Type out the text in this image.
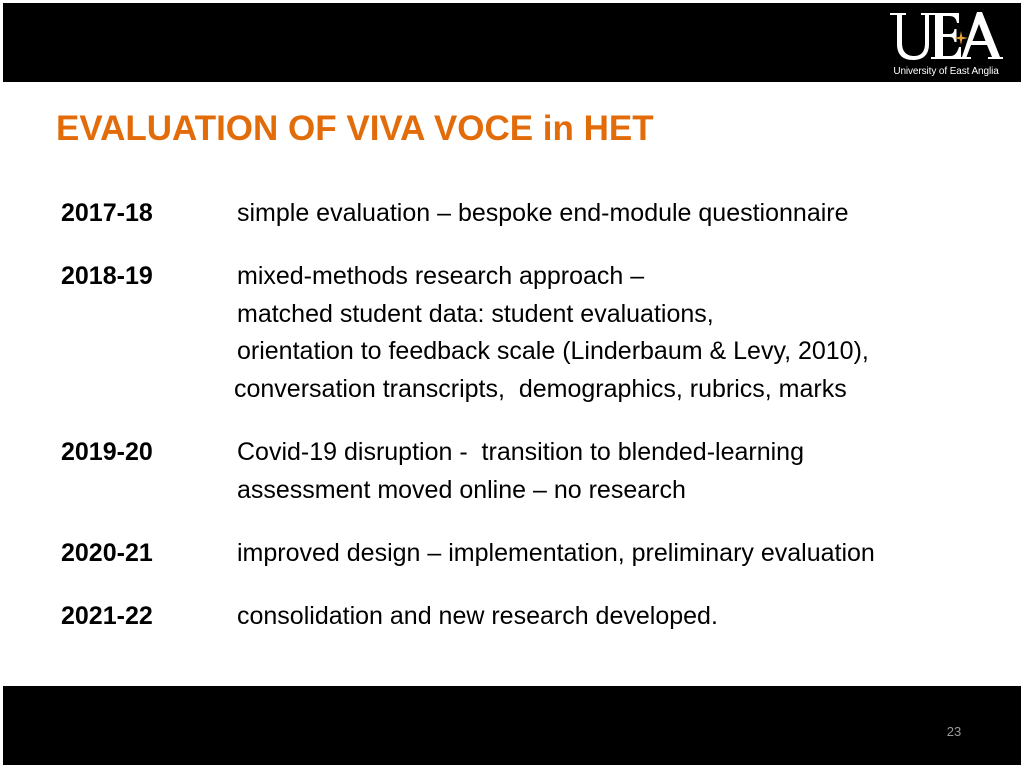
University of East Anglia
EVALUATION OF VIVA VOCE in HET
2017-18	simple evaluation – bespoke end-module questionnaire
2018-19	mixed-methods research approach –
matched student data: student evaluations,
orientation to feedback scale (Linderbaum & Levy, 2010),
conversation transcripts,  demographics, rubrics, marks
2019-20	Covid-19 disruption -  transition to blended-learning
assessment moved online – no research
2020-21	improved design – implementation, preliminary evaluation
2021-22	consolidation and new research developed.
23
